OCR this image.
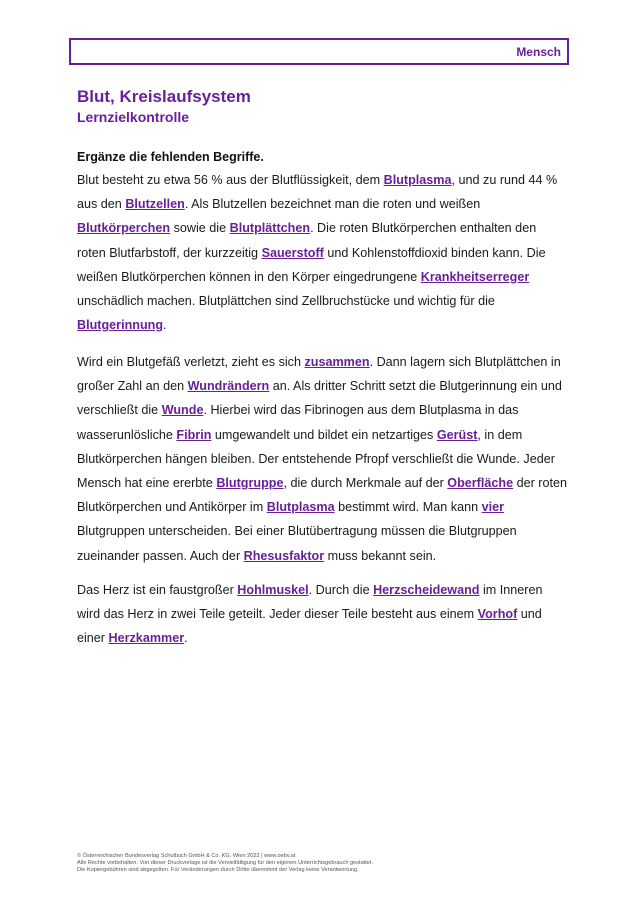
Mensch
Blut, Kreislaufsystem
Lernzielkontrolle
Ergänze die fehlenden Begriffe.

Blut besteht zu etwa 56 % aus der Blutflüssigkeit, dem Blutplasma, und zu rund 44 % aus den Blutzellen. Als Blutzellen bezeichnet man die roten und weißen Blutkörperchen sowie die Blutplättchen. Die roten Blutkörperchen enthalten den roten Blutfarbstoff, der kurzzeitig Sauerstoff und Kohlenstoffdioxid binden kann. Die weißen Blutkörperchen können in den Körper eingedrungene Krankheitserreger unschädlich machen. Blutplättchen sind Zellbruchstücke und wichtig für die Blutgerinnung.

Wird ein Blutgefäß verletzt, zieht es sich zusammen. Dann lagern sich Blutplättchen in großer Zahl an den Wundrändern an. Als dritter Schritt setzt die Blutgerinnung ein und verschließt die Wunde. Hierbei wird das Fibrinogen aus dem Blutplasma in das wasserunlösliche Fibrin umgewandelt und bildet ein netzartiges Gerüst, in dem Blutkörperchen hängen bleiben. Der entstehende Pfropf verschließt die Wunde. Jeder Mensch hat eine ererbte Blutgruppe, die durch Merkmale auf der Oberfläche der roten Blutkörperchen und Antikörper im Blutplasma bestimmt wird. Man kann vier Blutgruppen unterscheiden. Bei einer Blutübertragung müssen die Blutgruppen zueinander passen. Auch der Rhesusfaktor muss bekannt sein.

Das Herz ist ein faustgroßer Hohlmuskel. Durch die Herzscheidewand im Inneren wird das Herz in zwei Teile geteilt. Jeder dieser Teile besteht aus einem Vorhof und einer Herzkammer.

© Österreichischer Bundesverlag Schulbuch GmbH & Co. KG, Wien 2022 | www.oebv.at
Alle Rechte vorbehalten. Von dieser Druckvorlage ist die Vervielfältigung für den eigenen Unterrichtsgebrauch gestattet.
Die Kopiergebühren sind abgegolten. Für Veränderungen durch Dritte übernimmt der Verlag keine Verantwortung.
